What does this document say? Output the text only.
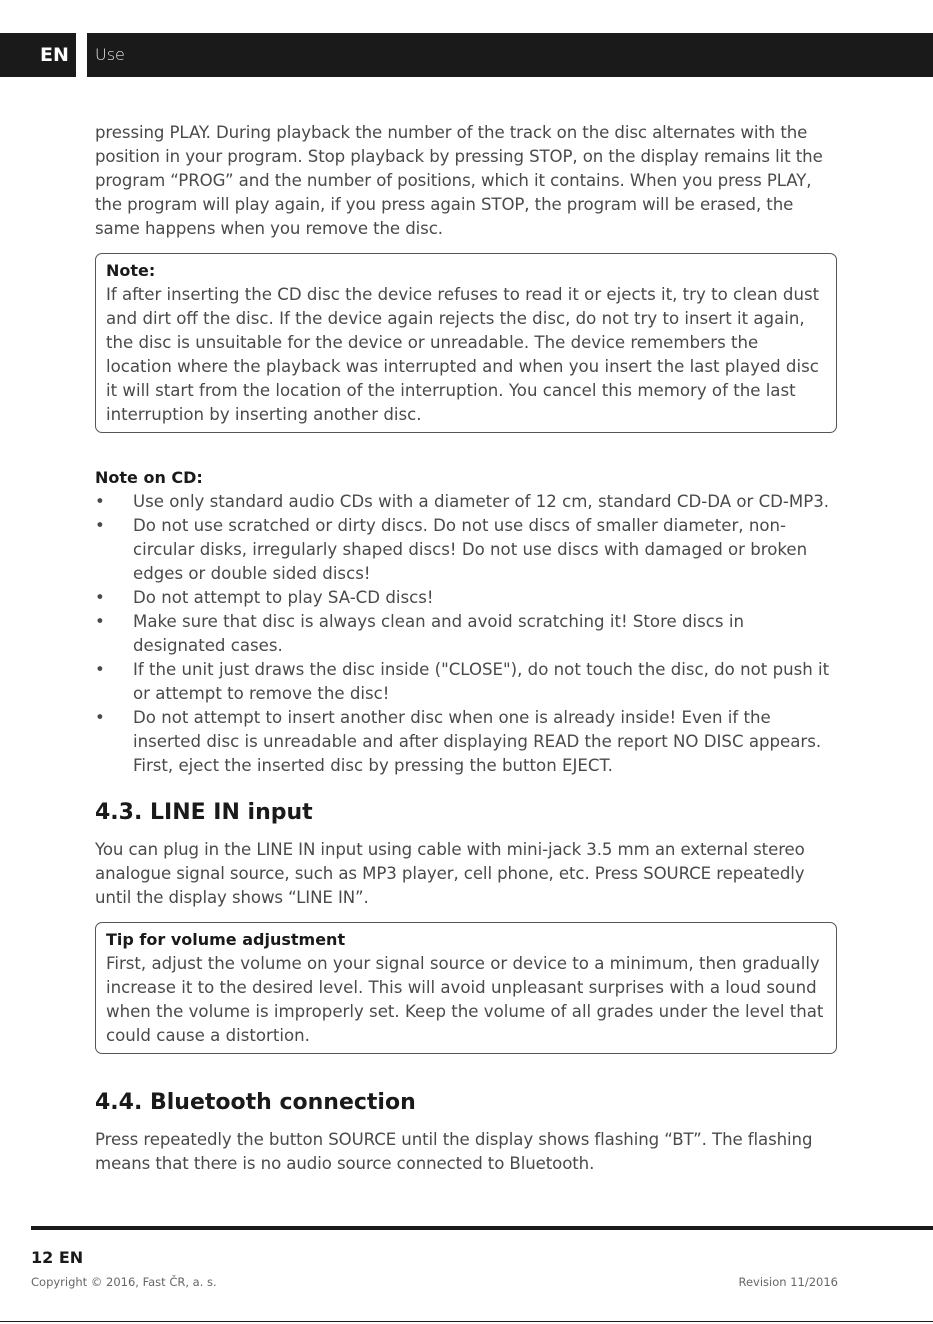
EN	Use

pressing PLAY. During playback the number of the track on the disc alternates with the position in your program. Stop playback by pressing STOP, on the display remains lit the program “PROG” and the number of positions, which it contains. When you press PLAY, the program will play again, if you press again STOP, the program will be erased, the same happens when you remove the disc.

Note:
If after inserting the CD disc the device refuses to read it or ejects it, try to clean dust and dirt off the disc. If the device again rejects the disc, do not try to insert it again, the disc is unsuitable for the device or unreadable. The device remembers the location where the playback was interrupted and when you insert the last played disc it will start from the location of the interruption. You cancel this memory of the last interruption by inserting another disc.
Note on CD:
• Use only standard audio CDs with a diameter of 12 cm, standard CD-DA or CD-MP3.
• Do not use scratched or dirty discs. Do not use discs of smaller diameter, non-circular disks, irregularly shaped discs! Do not use discs with damaged or broken edges or double sided discs!
• Do not attempt to play SA-CD discs!
• Make sure that disc is always clean and avoid scratching it! Store discs in designated cases.
• If the unit just draws the disc inside ("CLOSE"), do not touch the disc, do not push it or attempt to remove the disc!
• Do not attempt to insert another disc when one is already inside! Even if the inserted disc is unreadable and after displaying READ the report NO DISC appears. First, eject the inserted disc by pressing the button EJECT.
4.3. LINE IN input

You can plug in the LINE IN input using cable with mini-jack 3.5 mm an external stereo analogue signal source, such as MP3 player, cell phone, etc. Press SOURCE repeatedly until the display shows “LINE IN”.

Tip for volume adjustment
First, adjust the volume on your signal source or device to a minimum, then gradually increase it to the desired level. This will avoid unpleasant surprises with a loud sound when the volume is improperly set. Keep the volume of all grades under the level that could cause a distortion.
4.4. Bluetooth connection

Press repeatedly the button SOURCE until the display shows flashing “BT”. The flashing means that there is no audio source connected to Bluetooth.

12 EN
Copyright © 2016, Fast ČR, a. s.	Revision 11/2016
